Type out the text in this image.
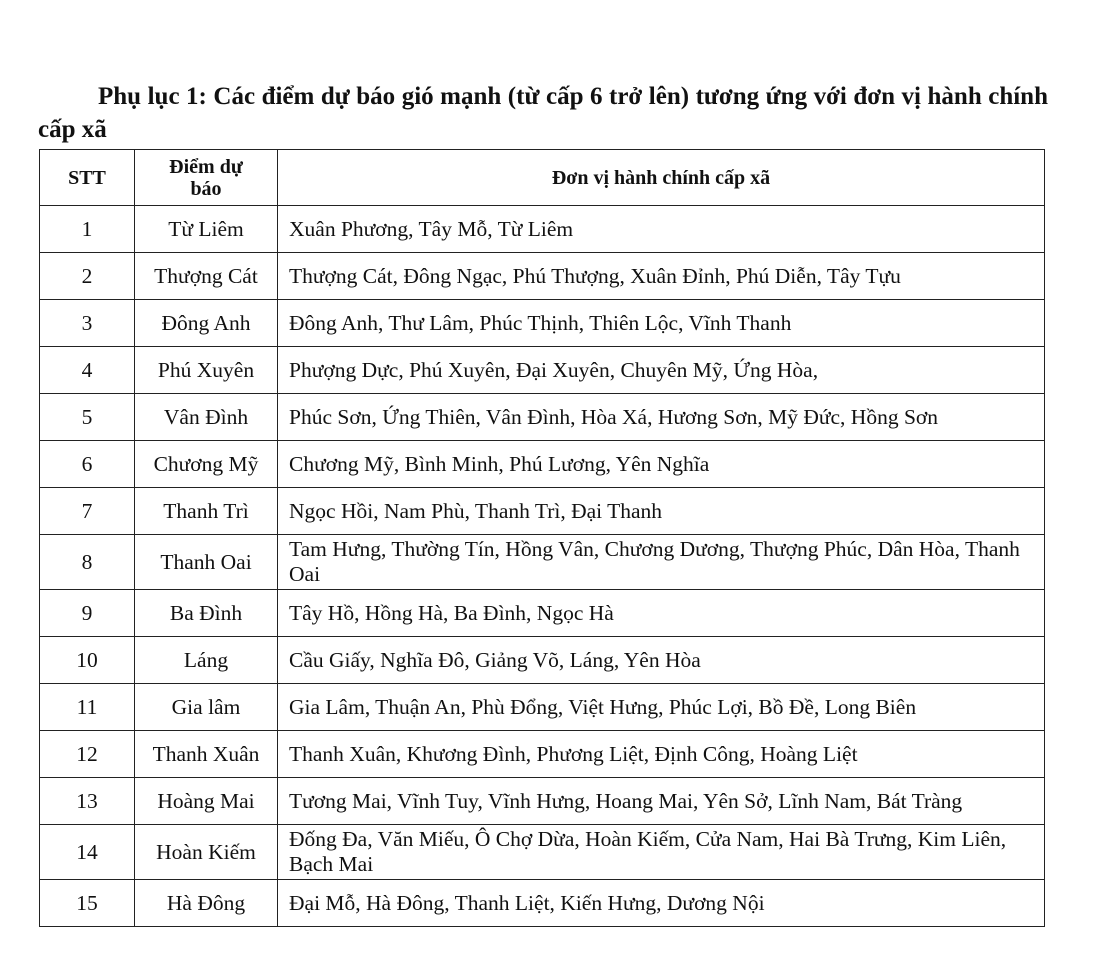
Phụ lục 1: Các điểm dự báo gió mạnh (từ cấp 6 trở lên) tương ứng với đơn vị hành chính cấp xã
STT	Điểm dự báo	Đơn vị hành chính cấp xã
1	Từ Liêm	Xuân Phương, Tây Mỗ, Từ Liêm
2	Thượng Cát	Thượng Cát, Đông Ngạc, Phú Thượng, Xuân Đỉnh, Phú Diễn, Tây Tựu
3	Đông Anh	Đông Anh, Thư Lâm, Phúc Thịnh, Thiên Lộc, Vĩnh Thanh
4	Phú Xuyên	Phượng Dực, Phú Xuyên, Đại Xuyên, Chuyên Mỹ, Ứng Hòa,
5	Vân Đình	Phúc Sơn, Ứng Thiên, Vân Đình, Hòa Xá, Hương Sơn, Mỹ Đức, Hồng Sơn
6	Chương Mỹ	Chương Mỹ, Bình Minh, Phú Lương, Yên Nghĩa
7	Thanh Trì	Ngọc Hồi, Nam Phù, Thanh Trì, Đại Thanh
8	Thanh Oai	Tam Hưng, Thường Tín, Hồng Vân, Chương Dương, Thượng Phúc, Dân Hòa, Thanh Oai
9	Ba Đình	Tây Hồ, Hồng Hà, Ba Đình, Ngọc Hà
10	Láng	Cầu Giấy, Nghĩa Đô, Giảng Võ, Láng, Yên Hòa
11	Gia lâm	Gia Lâm, Thuận An, Phù Đổng, Việt Hưng, Phúc Lợi, Bồ Đề, Long Biên
12	Thanh Xuân	Thanh Xuân, Khương Đình, Phương Liệt, Định Công, Hoàng Liệt
13	Hoàng Mai	Tương Mai, Vĩnh Tuy, Vĩnh Hưng, Hoang Mai, Yên Sở, Lĩnh Nam, Bát Tràng
14	Hoàn Kiếm	Đống Đa, Văn Miếu, Ô Chợ Dừa, Hoàn Kiếm, Cửa Nam, Hai Bà Trưng, Kim Liên, Bạch Mai
15	Hà Đông	Đại Mỗ, Hà Đông, Thanh Liệt, Kiến Hưng, Dương Nội
